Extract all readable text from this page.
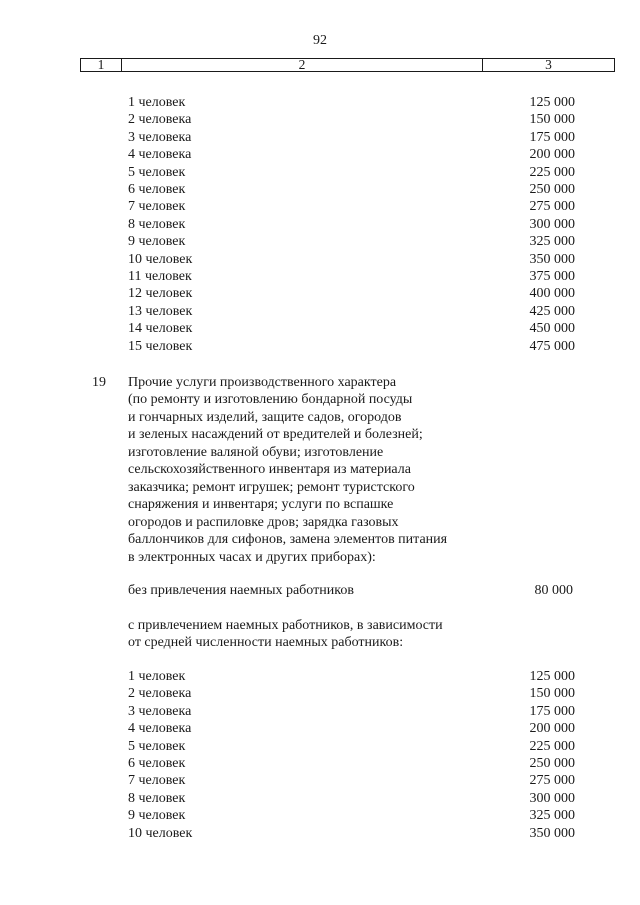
92
1	2	3
1 человек	125 000
2 человека	150 000
3 человека	175 000
4 человека	200 000
5 человек	225 000
6 человек	250 000
7 человек	275 000
8 человек	300 000
9 человек	325 000
10 человек	350 000
11 человек	375 000
12 человек	400 000
13 человек	425 000
14 человек	450 000
15 человек	475 000
19 Прочие услуги производственного характера
(по ремонту и изготовлению бондарной посуды
и гончарных изделий, защите садов, огородов
и зеленых насаждений от вредителей и болезней;
изготовление валяной обуви; изготовление
сельскохозяйственного инвентаря из материала
заказчика; ремонт игрушек; ремонт туристского
снаряжения и инвентаря; услуги по вспашке
огородов и распиловке дров; зарядка газовых
баллончиков для сифонов, замена элементов питания
в электронных часах и других приборах):
без привлечения наемных работников	80 000
с привлечением наемных работников, в зависимости
от средней численности наемных работников:
1 человек	125 000
2 человека	150 000
3 человека	175 000
4 человека	200 000
5 человек	225 000
6 человек	250 000
7 человек	275 000
8 человек	300 000
9 человек	325 000
10 человек	350 000
